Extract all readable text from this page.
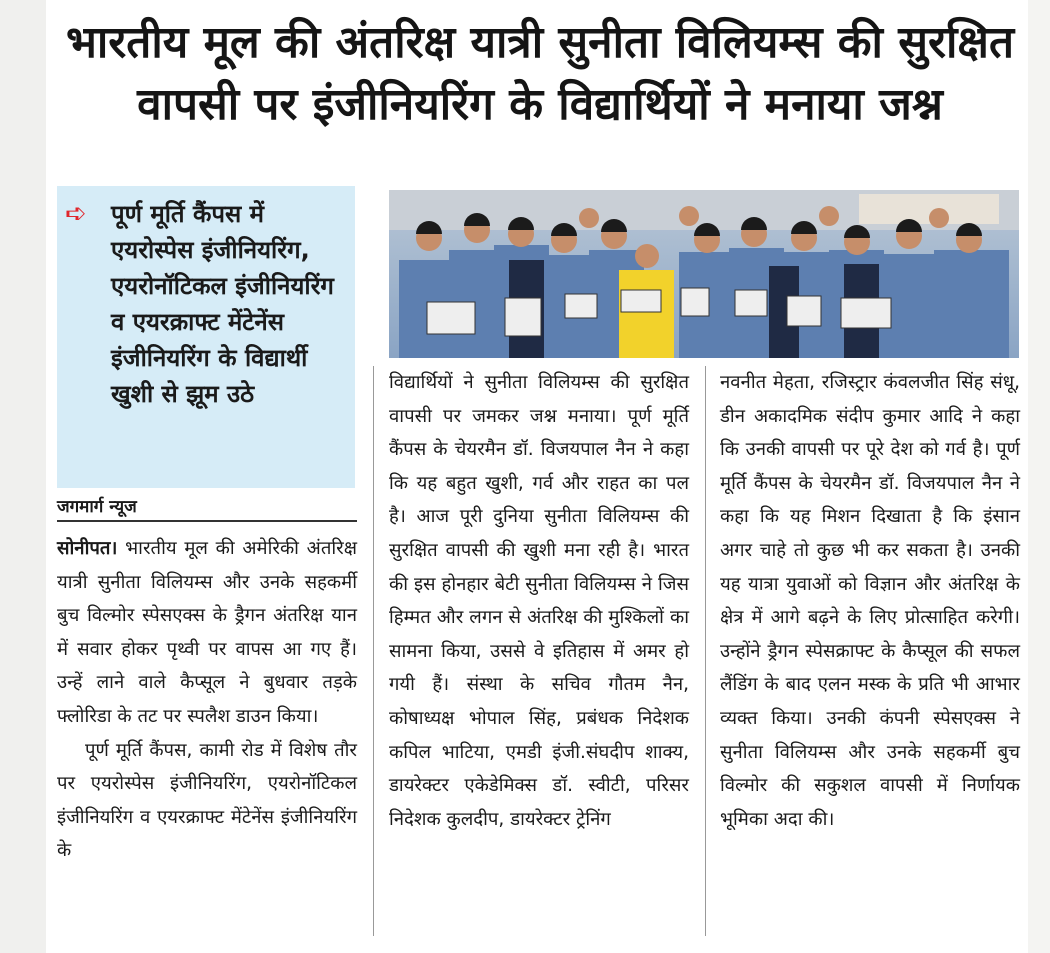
भारतीय मूल की अंतरिक्ष यात्री सुनीता विलियम्स की सुरक्षित वापसी पर इंजीनियरिंग के विद्यार्थियों ने मनाया जश्न
➪ पूर्ण मूर्ति कैंपस में एयरोस्पेस इंजीनियरिंग, एयरोनॉटिकल इंजीनियरिंग व एयरक्राफ्ट मेंटेनेंस इंजीनियरिंग के विद्यार्थी खुशी से झूम उठे
जगमार्ग न्यूज

सोनीपत। भारतीय मूल की अमेरिकी अंतरिक्ष यात्री सुनीता विलियम्स और उनके सहकर्मी बुच विल्मोर स्पेसएक्स के ड्रैगन अंतरिक्ष यान में सवार होकर पृथ्वी पर वापस आ गए हैं। उन्हें लाने वाले कैप्सूल ने बुधवार तड़के फ्लोरिडा के तट पर स्पलैश डाउन किया।

पूर्ण मूर्ति कैंपस, कामी रोड में विशेष तौर पर एयरोस्पेस इंजीनियरिंग, एयरोनॉटिकल इंजीनियरिंग व एयरक्राफ्ट मेंटेनेंस इंजीनियरिंग के

विद्यार्थियों ने सुनीता विलियम्स की सुरक्षित वापसी पर जमकर जश्न मनाया। पूर्ण मूर्ति कैंपस के चेयरमैन डॉ. विजयपाल नैन ने कहा कि यह बहुत खुशी, गर्व और राहत का पल है। आज पूरी दुनिया सुनीता विलियम्स की सुरक्षित वापसी की खुशी मना रही है। भारत की इस होनहार बेटी सुनीता विलियम्स ने जिस हिम्मत और लगन से अंतरिक्ष की मुश्किलों का सामना किया, उससे वे इतिहास में अमर हो गयी हैं। संस्था के सचिव गौतम नैन, कोषाध्यक्ष भोपाल सिंह, प्रबंधक निदेशक कपिल भाटिया, एमडी इंजी.संघदीप शाक्य, डायरेक्टर एकेडेमिक्स डॉ. स्वीटी, परिसर निदेशक कुलदीप, डायरेक्टर ट्रेनिंग

नवनीत मेहता, रजिस्ट्रार कंवलजीत सिंह संधू, डीन अकादमिक संदीप कुमार आदि ने कहा कि उनकी वापसी पर पूरे देश को गर्व है। पूर्ण मूर्ति कैंपस के चेयरमैन डॉ. विजयपाल नैन ने कहा कि यह मिशन दिखाता है कि इंसान अगर चाहे तो कुछ भी कर सकता है। उनकी यह यात्रा युवाओं को विज्ञान और अंतरिक्ष के क्षेत्र में आगे बढ़ने के लिए प्रोत्साहित करेगी। उन्होंने ड्रैगन स्पेसक्राफ्ट के कैप्सूल की सफल लैंडिंग के बाद एलन मस्क के प्रति भी आभार व्यक्त किया। उनकी कंपनी स्पेसएक्स ने सुनीता विलियम्स और उनके सहकर्मी बुच विल्मोर की सकुशल वापसी में निर्णायक भूमिका अदा की।
